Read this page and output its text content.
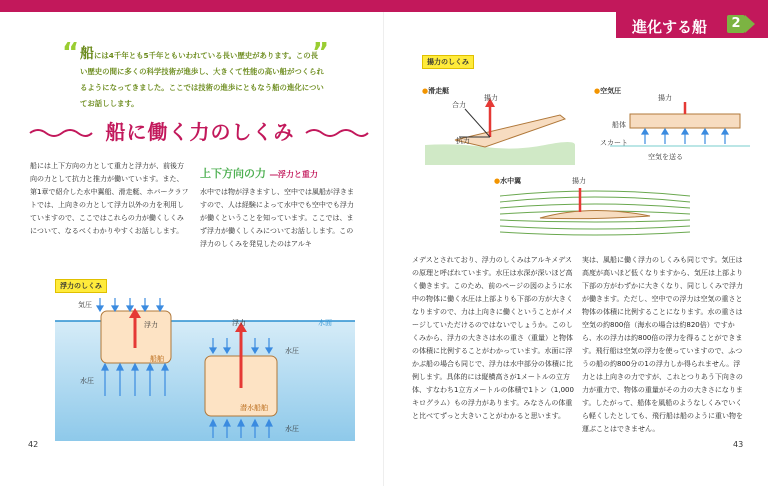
進化する船	2
“	”
船には4千年とも5千年ともいわれている長い歴史があります。この長い歴史の間に多くの科学技術が進歩し、大きくて性能の高い船がつくられるようになってきました。ここでは技術の進歩にともなう船の進化についてお話しします。
船に働く力のしくみ
船には上下方向の力として重力と浮力が、前後方向の力として抗力と推力が働いています。また、第1章で紹介した水中翼船、滑走艇、ホバークラフトでは、上向きの力として浮力以外の力を利用していますので、ここではこれらの力が働くしくみについて、なるべくわかりやすくお話しします。
上下方向の力 ―浮力と重力
水中では物が浮きますし、空中では風船が浮きますので、人は経験によって水中でも空中でも浮力が働くということを知っています。ここでは、まず浮力が働くしくみについてお話しします。この浮力のしくみを発見したのはアルキ
浮力のしくみ
気圧
浮力	浮力	水面
船舶
水圧
水圧
水圧
潜水船舶
42
揚力のしくみ
●滑走艇
合力
揚力
抗力
●空気圧
揚力
船体
スカート
空気を送る
●水中翼	揚力
メデスとされており、浮力のしくみはアルキメデスの原理と呼ばれています。水圧は水深が深いほど高く働きます。このため、前のページの図のように水中の物体に働く水圧は上部よりも下部の方が大きくなりますので、力は上向きに働くということがイメージしていただけるのではないでしょうか。このしくみから、浮力の大きさは水の重さ（重量）と物体の体積に比例することがわかっています。水面に浮かぶ船の場合も同じで、浮力は水中部分の体積に比例します。具体的には縦横高さが1メートルの立方体、すなわち1立方メートルの体積で1トン（1,000キログラム）もの浮力があります。みなさんの体重と比べてずっと大きいことがわかると思います。
実は、風船に働く浮力のしくみも同じです。気圧は高度が高いほど低くなりますから、気圧は上部より下部の方がわずかに大きくなり、同じしくみで浮力が働きます。ただし、空中での浮力は空気の重さと物体の体積に比例することになります。水の重さは空気の約800倍（海水の場合は約820倍）ですから、水の浮力は約800倍の浮力を得ることができます。飛行船は空気の浮力を使っていますので、ふつうの船の約800分の1の浮力しか得られません。浮力とは上向きの力ですが、これとつりあう下向きの力が重力で、物体の重量がその力の大きさになります。したがって、船体を風船のようなしくみでいくら軽くしたとしても、飛行船は船のように重い物を運ぶことはできません。
43
